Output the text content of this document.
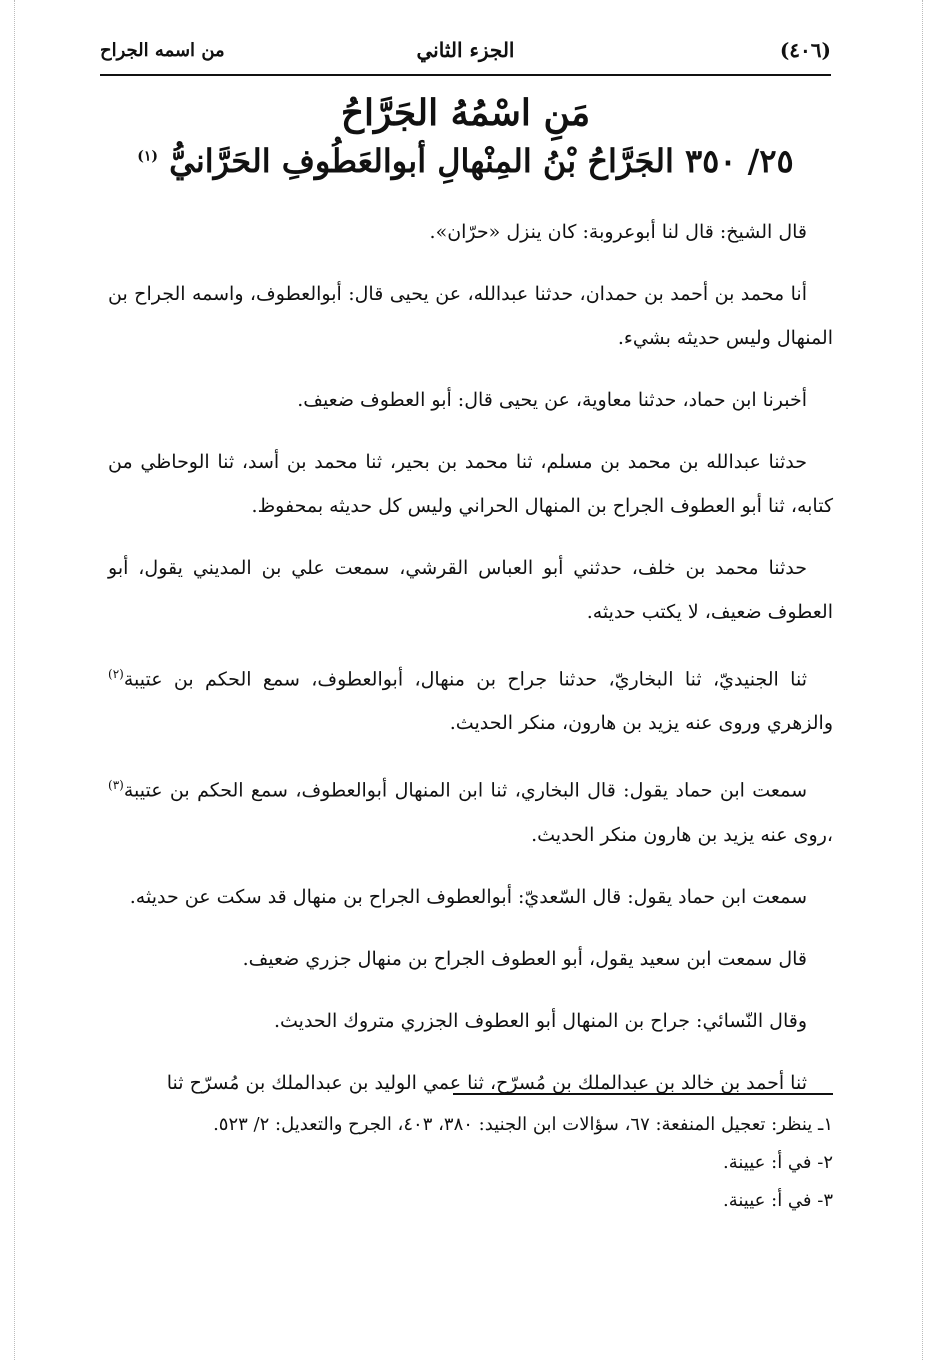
(٤٠٦)
الجزء الثاني
من اسمه الجراح
مَنِ اسْمُهُ الجَرَّاحُ
٢٥/ ٣٥٠ الجَرَّاحُ بْنُ المِنْهالِ أبوالعَطُوفِ الحَرَّانيُّ $^{(١)}$

قال الشيخ: قال لنا أبوعروبة: كان ينزل «حرّان».

أنا محمد بن أحمد بن حمدان، حدثنا عبدالله، عن يحيى قال: أبوالعطوف، واسمه الجراح بن المنهال وليس حديثه بشيء.

أخبرنا ابن حماد، حدثنا معاوية، عن يحيى قال: أبو العطوف ضعيف.

حدثنا عبدالله بن محمد بن مسلم، ثنا محمد بن بحير، ثنا محمد بن أسد، ثنا الوحاظي من كتابه، ثنا أبو العطوف الجراح بن المنهال الحراني وليس كل حديثه بمحفوظ.

حدثنا محمد بن خلف، حدثني أبو العباس القرشي، سمعت علي بن المديني يقول، أبو العطوف ضعيف، لا يكتب حديثه.

ثنا الجنيديّ، ثنا البخاريّ، حدثنا جراح بن منهال، أبوالعطوف، سمع الحكم بن عتيبة$^{(٢)}$ والزهري وروى عنه يزيد بن هارون، منكر الحديث.

سمعت ابن حماد يقول: قال البخاري، ثنا ابن المنهال أبوالعطوف، سمع الحكم بن عتيبة$^{(٣)}$ ،روى عنه يزيد بن هارون منكر الحديث.

سمعت ابن حماد يقول: قال السّعديّ: أبوالعطوف الجراح بن منهال قد سكت عن حديثه.

قال سمعت ابن سعيد يقول، أبو العطوف الجراح بن منهال جزري ضعيف.

وقال النّسائي: جراح بن المنهال أبو العطوف الجزري متروك الحديث.

ثنا أحمد بن خالد بن عبدالملك بن مُسرّح، ثنا عمي الوليد بن عبدالملك بن مُسرّح ثنا

١ـ ينظر: تعجيل المنفعة: ٦٧، سؤالات ابن الجنيد: ٣٨٠، ٤٠٣، الجرح والتعديل: ٢/ ٥٢٣.
٢- في أ: عيينة.
٣- في أ: عيينة.
